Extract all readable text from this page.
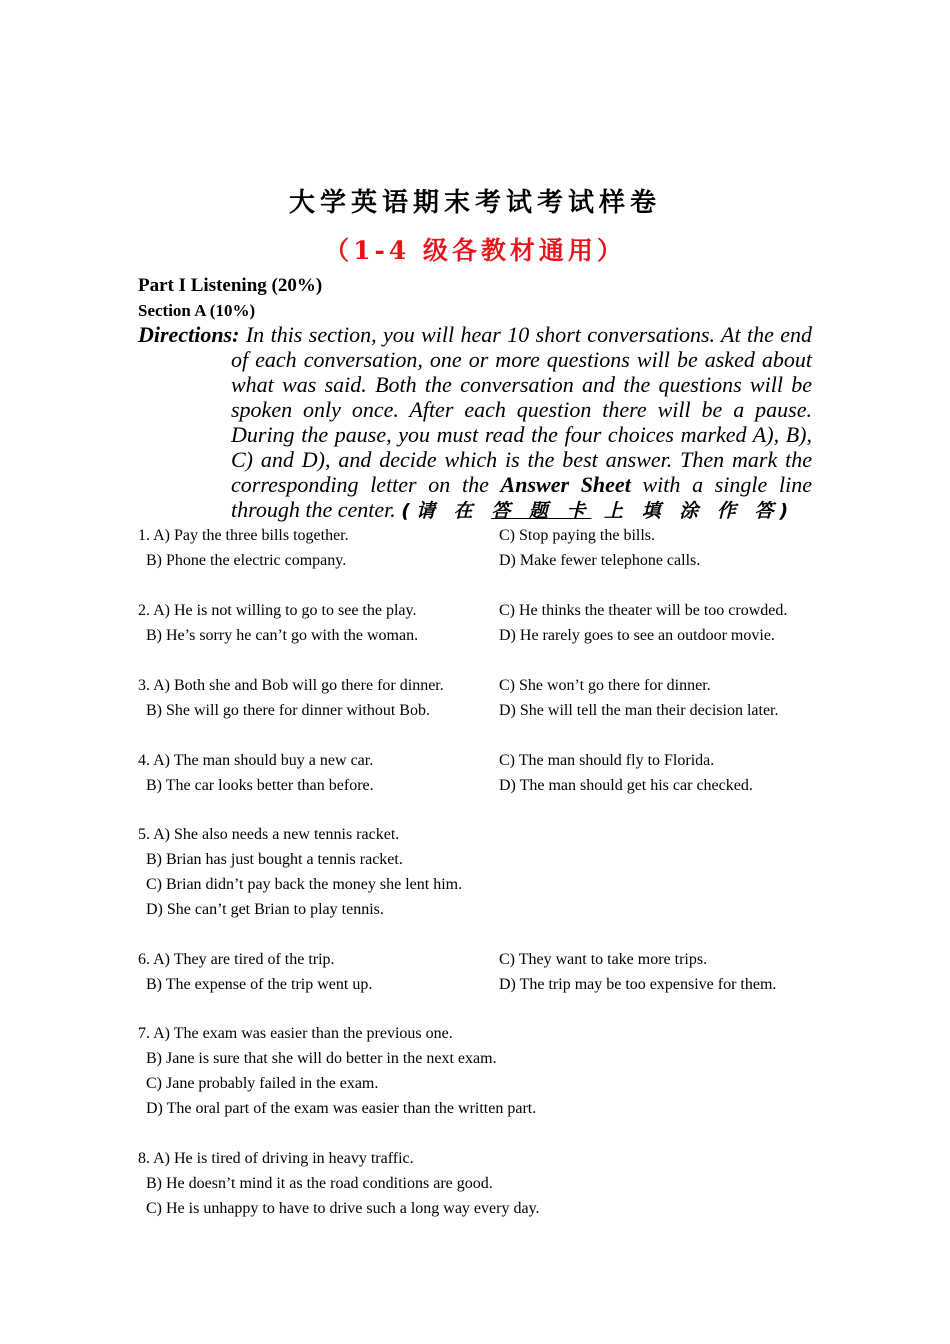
大学英语期末考试考试样卷
（1-4 级各教材通用）
Part I Listening (20%)
Section A (10%)
Directions: In this section, you will hear 10 short conversations. At the end
of each conversation, one or more questions will be asked about
what was said. Both the conversation and the questions will be
spoken only once. After each question there will be a pause.
During the pause, you must read the four choices marked A), B),
C) and D), and decide which is the best answer. Then mark the
corresponding letter on the Answer Sheet with a single line
through the center. (请 在 答 题 卡 上 填 涂 作 答)
1. A) Pay the three bills together.	C) Stop paying the bills.
B) Phone the electric company.	D) Make fewer telephone calls.
2. A) He is not willing to go to see the play.	C) He thinks the theater will be too crowded.
B) He’s sorry he can’t go with the woman.	D) He rarely goes to see an outdoor movie.
3. A) Both she and Bob will go there for dinner.	C) She won’t go there for dinner.
B) She will go there for dinner without Bob.	D) She will tell the man their decision later.
4. A) The man should buy a new car.	C) The man should fly to Florida.
B) The car looks better than before.	D) The man should get his car checked.
5. A) She also needs a new tennis racket.
B) Brian has just bought a tennis racket.
C) Brian didn’t pay back the money she lent him.
D) She can’t get Brian to play tennis.
6. A) They are tired of the trip.	C) They want to take more trips.
B) The expense of the trip went up.	D) The trip may be too expensive for them.
7. A) The exam was easier than the previous one.
B) Jane is sure that she will do better in the next exam.
C) Jane probably failed in the exam.
D) The oral part of the exam was easier than the written part.
8. A) He is tired of driving in heavy traffic.
B) He doesn’t mind it as the road conditions are good.
C) He is unhappy to have to drive such a long way every day.
